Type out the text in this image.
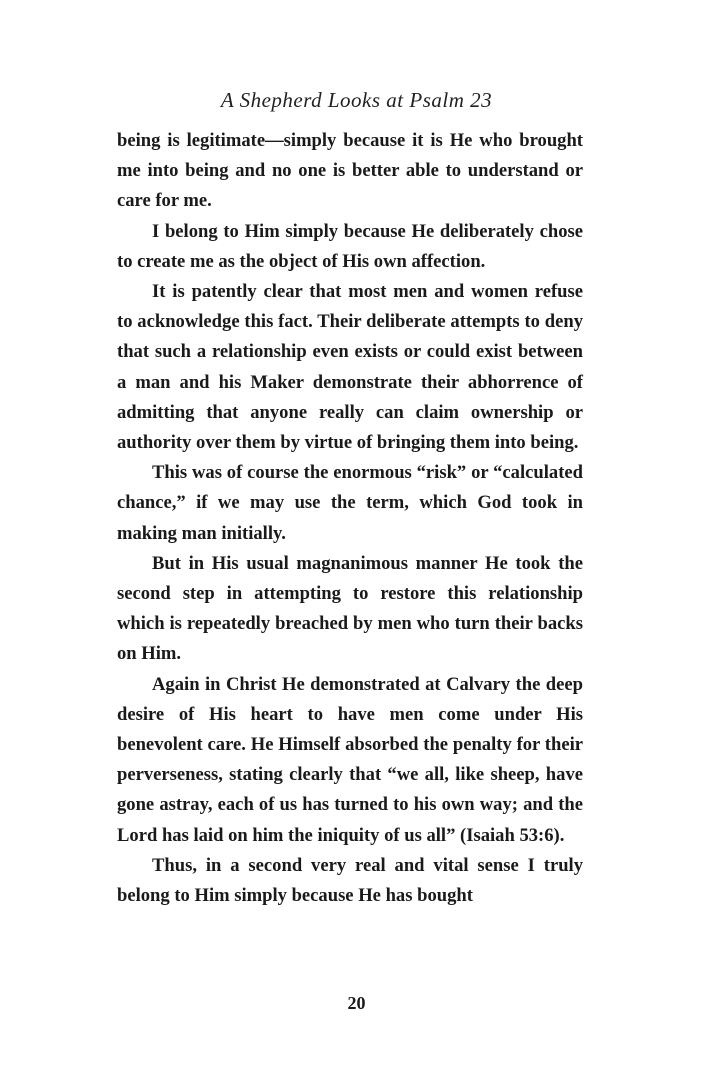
A Shepherd Looks at Psalm 23

being is legitimate—simply because it is He who brought me into being and no one is better able to understand or care for me.

I belong to Him simply because He deliberately chose to create me as the object of His own affection.

It is patently clear that most men and women refuse to acknowledge this fact. Their deliberate attempts to deny that such a relationship even exists or could exist between a man and his Maker demonstrate their abhorrence of admitting that anyone really can claim ownership or authority over them by virtue of bringing them into being.

This was of course the enormous “risk” or “calculated chance,” if we may use the term, which God took in making man initially.

But in His usual magnanimous manner He took the second step in attempting to restore this relationship which is repeatedly breached by men who turn their backs on Him.

Again in Christ He demonstrated at Calvary the deep desire of His heart to have men come under His benevolent care. He Himself absorbed the penalty for their perverseness, stating clearly that “we all, like sheep, have gone astray, each of us has turned to his own way; and the Lord has laid on him the iniquity of us all” (Isaiah 53:6).

Thus, in a second very real and vital sense I truly belong to Him simply because He has bought

20
